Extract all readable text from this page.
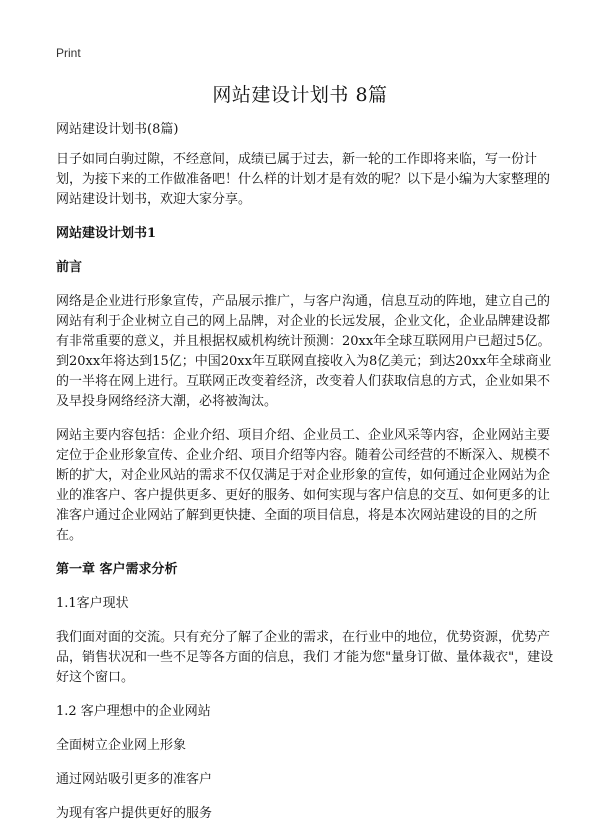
Print
网站建设计划书 8篇

网站建设计划书(8篇)

日子如同白驹过隙，不经意间，成绩已属于过去，新一轮的工作即将来临，写一份计划，为接下来的工作做准备吧！什么样的计划才是有效的呢？以下是小编为大家整理的网站建设计划书，欢迎大家分享。

网站建设计划书1

前言

网络是企业进行形象宣传，产品展示推广，与客户沟通，信息互动的阵地，建立自己的网站有利于企业树立自己的网上品牌，对企业的长远发展，企业文化，企业品牌建设都有非常重要的意义，并且根据权威机构统计预测：20xx年全球互联网用户已超过5亿。到20xx年将达到15亿；中国20xx年互联网直接收入为8亿美元；到达20xx年全球商业的一半将在网上进行。互联网正改变着经济，改变着人们获取信息的方式，企业如果不及早投身网络经济大潮，必将被淘汰。

网站主要内容包括：企业介绍、项目介绍、企业员工、企业风采等内容，企业网站主要定位于企业形象宣传、企业介绍、项目介绍等内容。随着公司经营的不断深入、规模不断的扩大，对企业风站的需求不仅仅满足于对企业形象的宣传，如何通过企业网站为企业的准客户、客户提供更多、更好的服务、如何实现与客户信息的交互、如何更多的让准客户通过企业网站了解到更快捷、全面的项目信息，将是本次网站建设的目的之所在。

第一章 客户需求分析

1.1客户现状

我们面对面的交流。只有充分了解了企业的需求，在行业中的地位，优势资源，优势产品，销售状况和一些不足等各方面的信息，我们 才能为您"量身订做、量体裁衣"，建设好这个窗口。

1.2 客户理想中的企业网站

全面树立企业网上形象

通过网站吸引更多的准客户

为现有客户提供更好的服务
